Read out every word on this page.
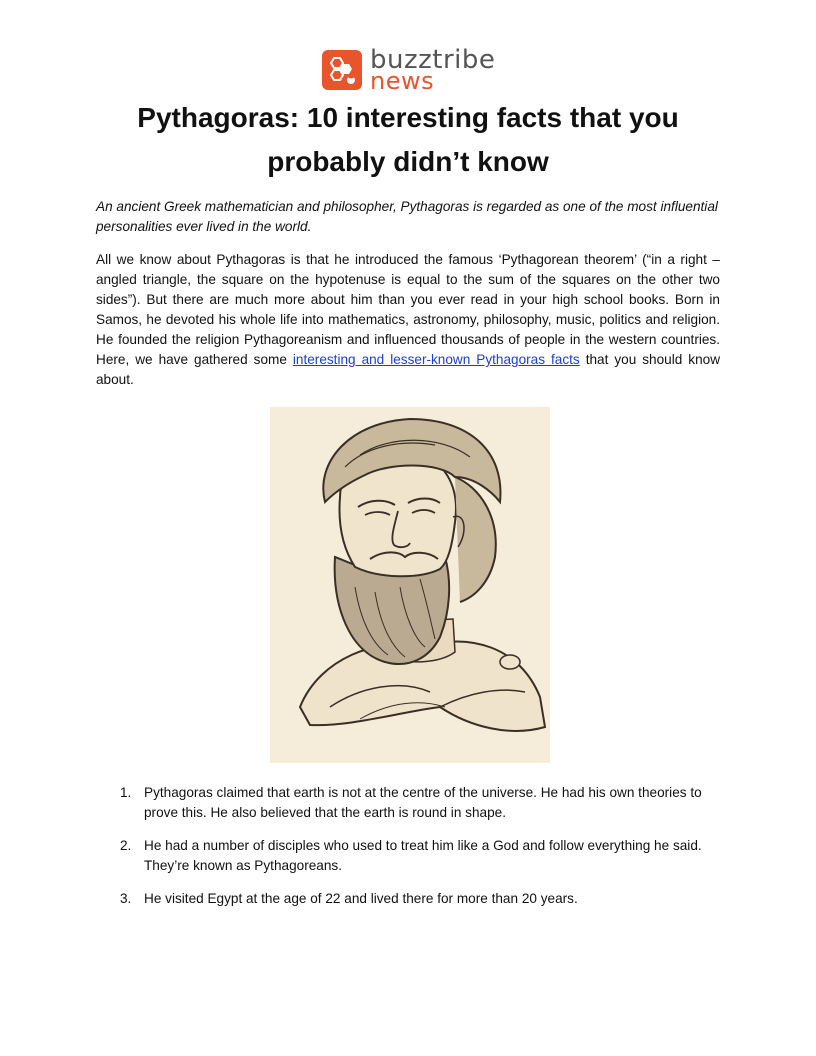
buzztribe
news
Pythagoras: 10 interesting facts that you probably didn’t know

An ancient Greek mathematician and philosopher, Pythagoras is regarded as one of the most influential personalities ever lived in the world.

All we know about Pythagoras is that he introduced the famous ‘Pythagorean theorem’ (“in a right – angled triangle, the square on the hypotenuse is equal to the sum of the squares on the other two sides”). But there are much more about him than you ever read in your high school books. Born in Samos, he devoted his whole life into mathematics, astronomy, philosophy, music, politics and religion. He founded the religion Pythagoreanism and influenced thousands of people in the western countries. Here, we have gathered some interesting and lesser-known Pythagoras facts that you should know about.

1. Pythagoras claimed that earth is not at the centre of the universe. He had his own theories to prove this. He also believed that the earth is round in shape.
2. He had a number of disciples who used to treat him like a God and follow everything he said. They’re known as Pythagoreans.
3. He visited Egypt at the age of 22 and lived there for more than 20 years.
